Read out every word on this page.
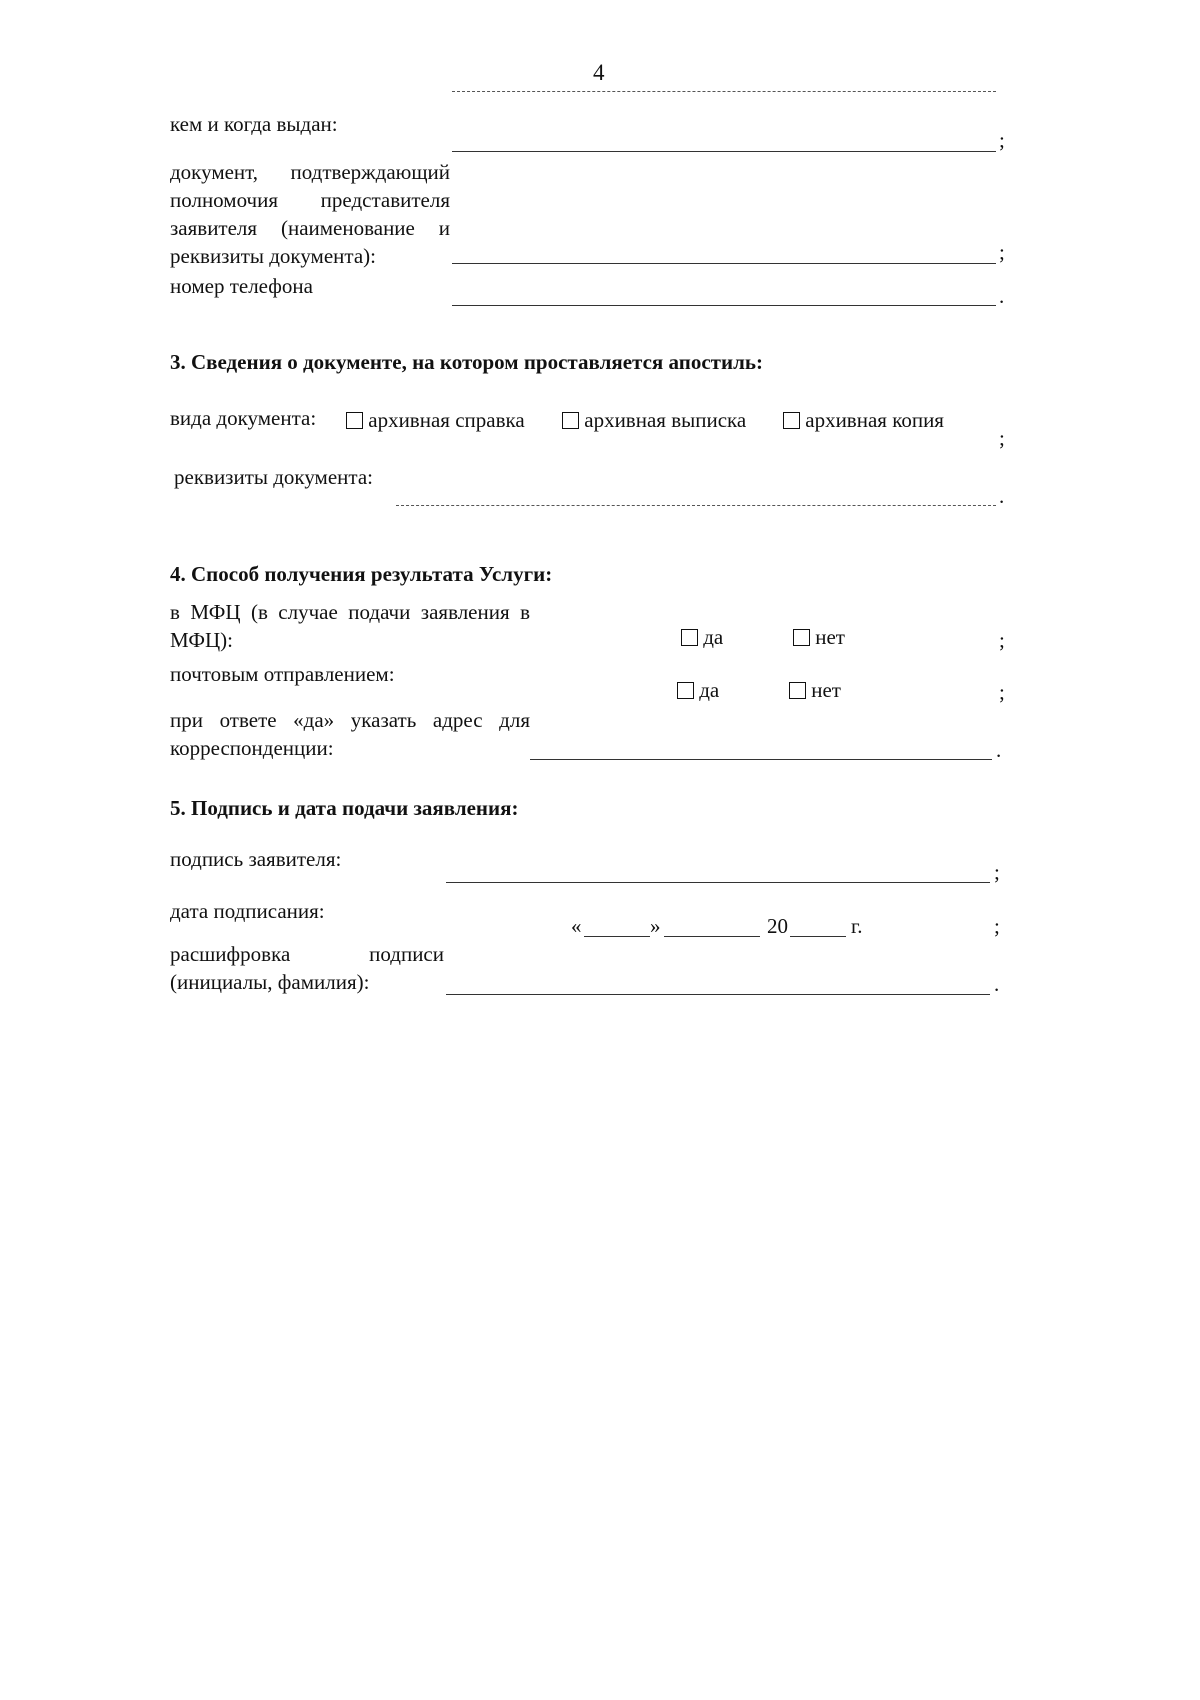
4
кем и когда выдан:
;
документ, подтверждающий
полномочия представителя
заявителя (наименование и
реквизиты документа):	;
номер телефона	.
3. Сведения о документе, на котором проставляется апостиль:
вида документа:	архивная справка	архивная выписка	архивная копия
;
реквизиты документа:
.
4. Способ получения результата Услуги:
в МФЦ (в случае подачи заявления в
МФЦ):	да	нет	;
почтовым отправлением:
да	нет	;
при ответе «да» указать адрес для
корреспонденции:	.
5. Подпись и дата подачи заявления:
подпись заявителя:
;
дата подписания:
«	»	20	г.	;
расшифровка подписи
(инициалы, фамилия):	.
